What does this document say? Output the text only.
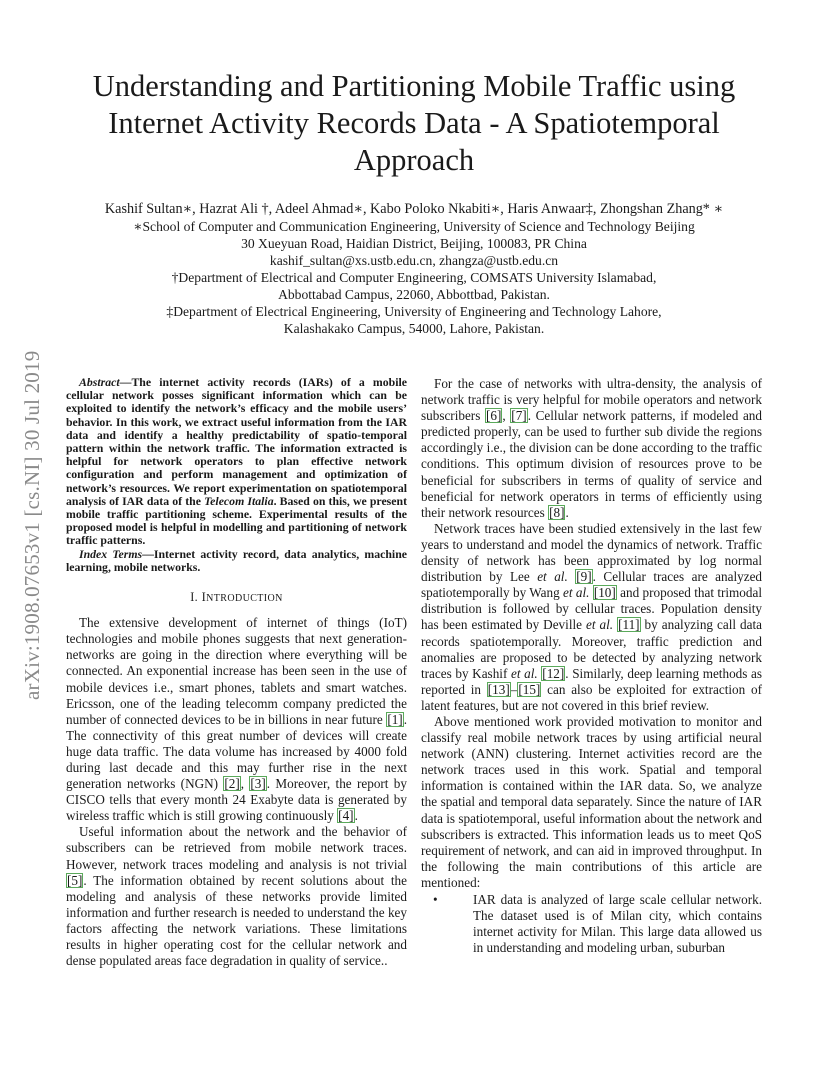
arXiv:1908.07653v1 [cs.NI] 30 Jul 2019
Understanding and Partitioning Mobile Traffic using
Internet Activity Records Data - A Spatiotemporal
Approach
Kashif Sultan∗, Hazrat Ali †, Adeel Ahmad∗, Kabo Poloko Nkabiti∗, Haris Anwaar‡, Zhongshan Zhang* ∗
∗School of Computer and Communication Engineering, University of Science and Technology Beijing
30 Xueyuan Road, Haidian District, Beijing, 100083, PR China
kashif_sultan@xs.ustb.edu.cn, zhangza@ustb.edu.cn
†Department of Electrical and Computer Engineering, COMSATS University Islamabad,
Abbottabad Campus, 22060, Abbottbad, Pakistan.
‡Department of Electrical Engineering, University of Engineering and Technology Lahore,
Kalashakako Campus, 54000, Lahore, Pakistan.

Abstract—The internet activity records (IARs) of a mobile cellular network posses significant information which can be exploited to identify the network’s efficacy and the mobile users’ behavior. In this work, we extract useful information from the IAR data and identify a healthy predictability of spatio-temporal pattern within the network traffic. The information extracted is helpful for network operators to plan effective network configuration and perform management and optimization of network’s resources. We report experimentation on spatiotemporal analysis of IAR data of the Telecom Italia. Based on this, we present mobile traffic partitioning scheme. Experimental results of the proposed model is helpful in modelling and partitioning of network traffic patterns.

Index Terms—Internet activity record, data analytics, machine learning, mobile networks.

I. INTRODUCTION

The extensive development of internet of things (IoT) technologies and mobile phones suggests that next generation-networks are going in the direction where everything will be connected. An exponential increase has been seen in the use of mobile devices i.e., smart phones, tablets and smart watches. Ericsson, one of the leading telecomm company predicted the number of connected devices to be in billions in near future [1]. The connectivity of this great number of devices will create huge data traffic. The data volume has increased by 4000 fold during last decade and this may further rise in the next generation networks (NGN) [2], [3]. Moreover, the report by CISCO tells that every month 24 Exabyte data is generated by wireless traffic which is still growing continuously [4].

Useful information about the network and the behavior of subscribers can be retrieved from mobile network traces. However, network traces modeling and analysis is not trivial [5]. The information obtained by recent solutions about the modeling and analysis of these networks provide limited information and further research is needed to understand the key factors affecting the network variations. These limitations results in higher operating cost for the cellular network and dense populated areas face degradation in quality of service..

For the case of networks with ultra-density, the analysis of network traffic is very helpful for mobile operators and network subscribers [6], [7]. Cellular network patterns, if modeled and predicted properly, can be used to further sub divide the regions accordingly i.e., the division can be done according to the traffic conditions. This optimum division of resources prove to be beneficial for subscribers in terms of quality of service and beneficial for network operators in terms of efficiently using their network resources [8].

Network traces have been studied extensively in the last few years to understand and model the dynamics of network. Traffic density of network has been approximated by log normal distribution by Lee et al. [9]. Cellular traces are analyzed spatiotemporally by Wang et al. [10] and proposed that trimodal distribution is followed by cellular traces. Population density has been estimated by Deville et al. [11] by analyzing call data records spatiotemporally. Moreover, traffic prediction and anomalies are proposed to be detected by analyzing network traces by Kashif et al. [12]. Similarly, deep learning methods as reported in [13]–[15] can also be exploited for extraction of latent features, but are not covered in this brief review.

Above mentioned work provided motivation to monitor and classify real mobile network traces by using artificial neural network (ANN) clustering. Internet activities record are the network traces used in this work. Spatial and temporal information is contained within the IAR data. So, we analyze the spatial and temporal data separately. Since the nature of IAR data is spatiotemporal, useful information about the network and subscribers is extracted. This information leads us to meet QoS requirement of network, and can aid in improved throughput. In the following the main contributions of this article are mentioned:

•	IAR data is analyzed of large scale cellular network. The dataset used is of Milan city, which contains internet activity for Milan. This large data allowed us in understanding and modeling urban, suburban
